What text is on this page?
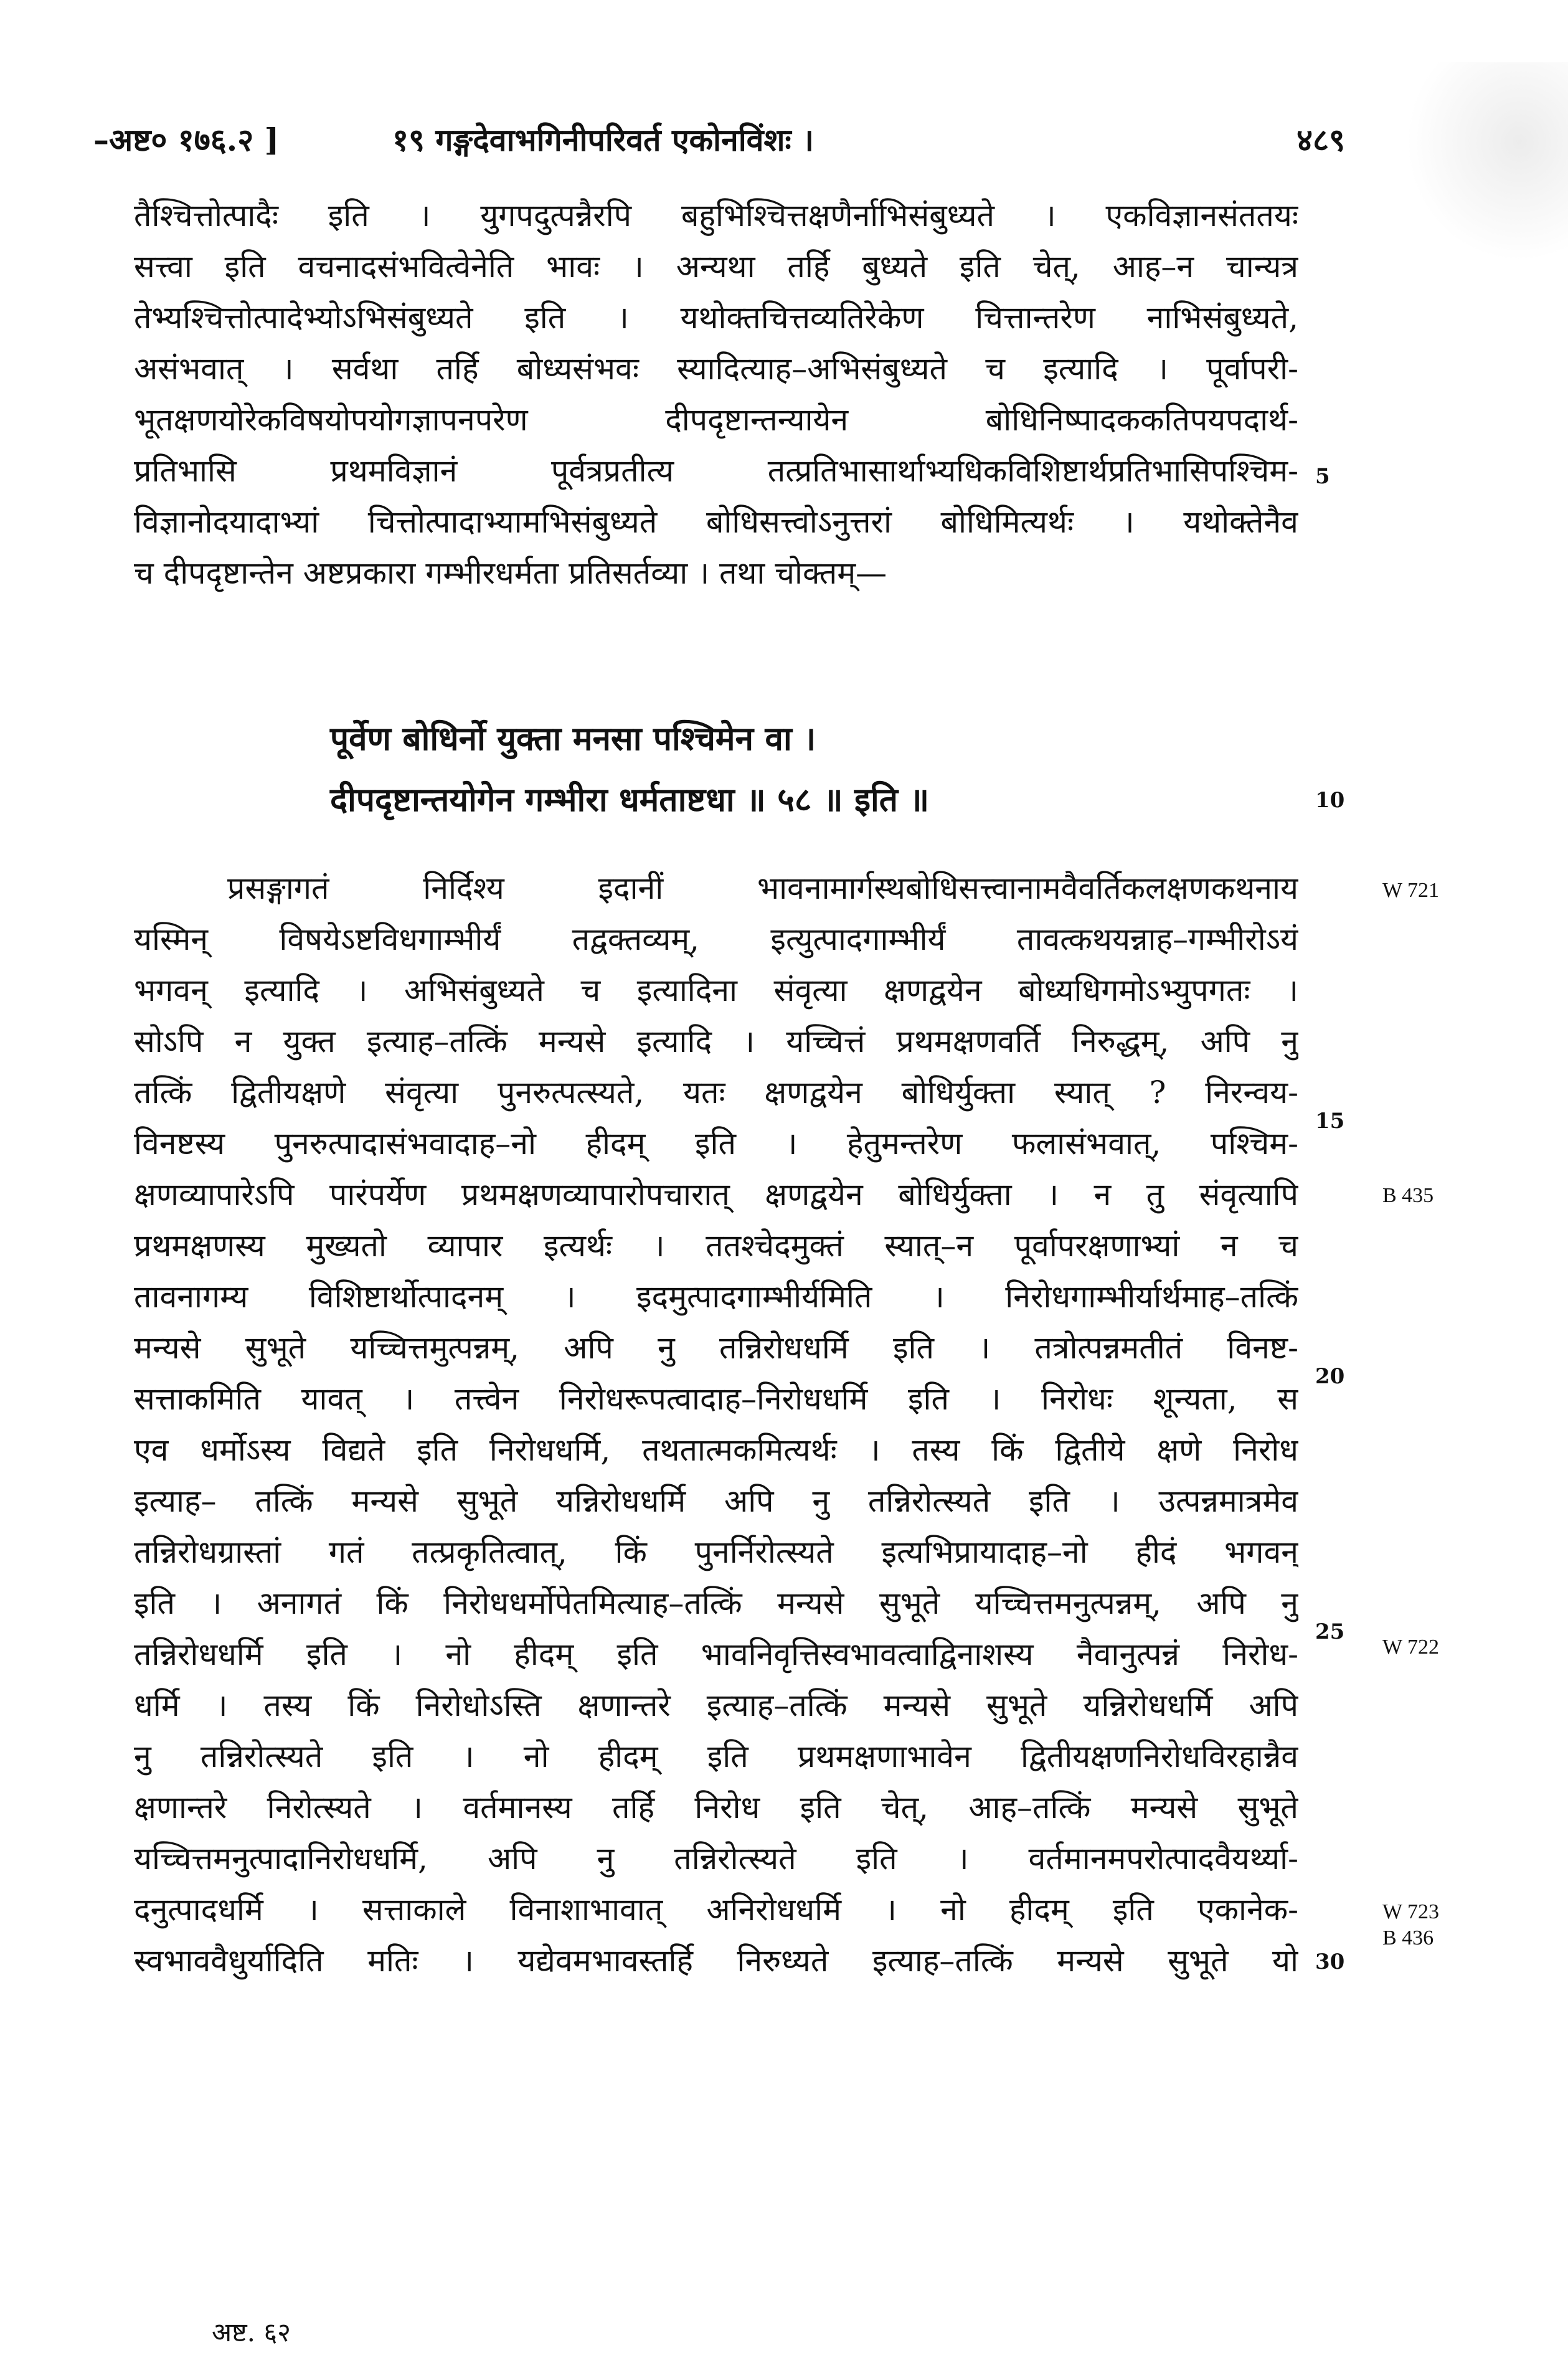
–अष्ट० १७६.२ ]	१९ गङ्गदेवाभगिनीपरिवर्त एकोनविंशः ।	४८९
तैश्चित्तोत्पादैः इति । युगपदुत्पन्नैरपि बहुभिश्चित्तक्षणैर्नाभिसंबुध्यते । एकविज्ञानसंततयः
सत्त्वा इति वचनादसंभवित्वेनेति भावः । अन्यथा तर्हि बुध्यते इति चेत्, आह–न चान्यत्र
तेभ्यश्चित्तोत्पादेभ्योऽभिसंबुध्यते इति । यथोक्तचित्तव्यतिरेकेण चित्तान्तरेण नाभिसंबुध्यते,
असंभवात् । सर्वथा तर्हि बोध्यसंभवः स्यादित्याह–अभिसंबुध्यते च इत्यादि । पूर्वापरी-
भूतक्षणयोरेकविषयोपयोगज्ञापनपरेण दीपदृष्टान्तन्यायेन बोधिनिष्पादककतिपयपदार्थ-
प्रतिभासि प्रथमविज्ञानं पूर्वत्रप्रतीत्य तत्प्रतिभासार्थाभ्यधिकविशिष्टार्थप्रतिभासिपश्चिम-
विज्ञानोदयादाभ्यां चित्तोत्पादाभ्यामभिसंबुध्यते बोधिसत्त्वोऽनुत्तरां बोधिमित्यर्थः । यथोक्तेनैव
च दीपदृष्टान्तेन अष्टप्रकारा गम्भीरधर्मता प्रतिसर्तव्या । तथा चोक्तम्—
पूर्वेण बोधिर्नो युक्ता मनसा पश्चिमेन वा ।
दीपदृष्टान्तयोगेन गम्भीरा धर्मताष्टधा ॥ ५८ ॥ इति ॥
प्रसङ्गागतं निर्दिश्य इदानीं भावनामार्गस्थबोधिसत्त्वानामवैवर्तिकलक्षणकथनाय
यस्मिन् विषयेऽष्टविधगाम्भीर्यं तद्वक्तव्यम्, इत्युत्पादगाम्भीर्यं तावत्कथयन्नाह–गम्भीरोऽयं
भगवन् इत्यादि । अभिसंबुध्यते च इत्यादिना संवृत्या क्षणद्वयेन बोध्यधिगमोऽभ्युपगतः ।
सोऽपि न युक्त इत्याह–तत्किं मन्यसे इत्यादि । यच्चित्तं प्रथमक्षणवर्ति निरुद्धम्, अपि नु
तत्किं द्वितीयक्षणे संवृत्या पुनरुत्पत्स्यते, यतः क्षणद्वयेन बोधिर्युक्ता स्यात् ? निरन्वय-
विनष्टस्य पुनरुत्पादासंभवादाह–नो हीदम् इति । हेतुमन्तरेण फलासंभवात्, पश्चिम-
क्षणव्यापारेऽपि पारंपर्येण प्रथमक्षणव्यापारोपचारात् क्षणद्वयेन बोधिर्युक्ता । न तु संवृत्यापि
प्रथमक्षणस्य मुख्यतो व्यापार इत्यर्थः । ततश्चेदमुक्तं स्यात्–न पूर्वापरक्षणाभ्यां न च
तावनागम्य विशिष्टार्थोत्पादनम् । इदमुत्पादगाम्भीर्यमिति । निरोधगाम्भीर्यार्थमाह–तत्किं
मन्यसे सुभूते यच्चित्तमुत्पन्नम्, अपि नु तन्निरोधधर्मि इति । तत्रोत्पन्नमतीतं विनष्ट-
सत्ताकमिति यावत् । तत्त्वेन निरोधरूपत्वादाह–निरोधधर्मि इति । निरोधः शून्यता, स
एव धर्मोऽस्य विद्यते इति निरोधधर्मि, तथतात्मकमित्यर्थः । तस्य किं द्वितीये क्षणे निरोध
इत्याह– तत्किं मन्यसे सुभूते यन्निरोधधर्मि अपि नु तन्निरोत्स्यते इति । उत्पन्नमात्रमेव
तन्निरोधग्रास्तां गतं तत्प्रकृतित्वात्, किं पुनर्निरोत्स्यते इत्यभिप्रायादाह–नो हीदं भगवन्
इति । अनागतं किं निरोधधर्मोपेतमित्याह–तत्किं मन्यसे सुभूते यच्चित्तमनुत्पन्नम्, अपि नु
तन्निरोधधर्मि इति । नो हीदम् इति भावनिवृत्तिस्वभावत्वाद्विनाशस्य नैवानुत्पन्नं निरोध-
धर्मि । तस्य किं निरोधोऽस्ति क्षणान्तरे इत्याह–तत्किं मन्यसे सुभूते यन्निरोधधर्मि अपि
नु तन्निरोत्स्यते इति । नो हीदम् इति प्रथमक्षणाभावेन द्वितीयक्षणनिरोधविरहान्नैव
क्षणान्तरे निरोत्स्यते । वर्तमानस्य तर्हि निरोध इति चेत्, आह–तत्किं मन्यसे सुभूते
यच्चित्तमनुत्पादानिरोधधर्मि, अपि नु तन्निरोत्स्यते इति । वर्तमानमपरोत्पादवैयर्थ्या-
दनुत्पादधर्मि । सत्ताकाले विनाशाभावात् अनिरोधधर्मि । नो हीदम् इति एकानेक-
स्वभाववैधुर्यादिति मतिः । यद्येवमभावस्तर्हि निरुध्यते इत्याह–तत्किं मन्यसे सुभूते यो
5
10
15
20
25
30
W 721
B 435
W 722
W 723
B 436
अष्ट. ६२
